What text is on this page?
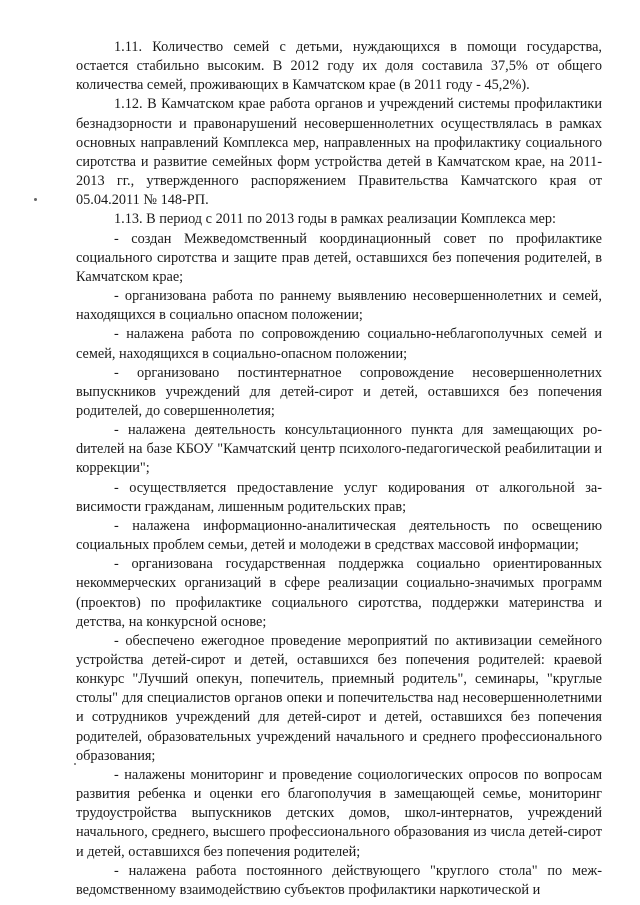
1.11. Количество семей с детьми, нуждающихся в помощи государства, остается стабильно высоким. В 2012 году их доля составила 37,5% от общего количества семей, проживающих в Камчатском крае (в 2011 году - 45,2%).

1.12. В Камчатском крае работа органов и учреждений системы профилактики безнадзорности и правонарушений несовершеннолетних осуществлялась в рамках основных направлений Комплекса мер, направленных на профилактику социального сиротства и развитие семейных форм устройства детей в Камчатском крае, на 2011-2013 гг., утвержденного распоряжением Правительства Камчатского края от 05.04.2011 № 148-РП.

1.13. В период с 2011 по 2013 годы в рамках реализации Комплекса мер:

- создан Межведомственный координационный совет по профилактике социального сиротства и защите прав детей, оставшихся без попечения родителей, в Камчатском крае;

- организована работа по раннему выявлению несовершеннолетних и семей, находящихся в социально опасном положении;

- налажена работа по сопровождению социально-неблагополучных семей и семей, находящихся в социально-опасном положении;

- организовано постинтернатное сопровождение несовершеннолетних выпускников учреждений для детей-сирот и детей, оставшихся без попечения родителей, до совершеннолетия;

- налажена деятельность консультационного пункта для замещающих роdителей на базе КБОУ "Камчатский центр психолого-педагогической реабилитации и коррекции";

- осуществляется предоставление услуг кодирования от алкогольной зависимости гражданам, лишенным родительских прав;

- налажена информационно-аналитическая деятельность по освещению социальных проблем семьи, детей и молодежи в средствах массовой информации;

- организована государственная поддержка социально ориентированных некоммерческих организаций в сфере реализации социально-значимых программ (проектов) по профилактике социального сиротства, поддержки материнства и детства, на конкурсной основе;

- обеспечено ежегодное проведение мероприятий по активизации семейного устройства детей-сирот и детей, оставшихся без попечения родителей: краевой конкурс "Лучший опекун, попечитель, приемный родитель", семинары, "круглые столы" для специалистов органов опеки и попечительства над несовершеннолетними и сотрудников учреждений для детей-сирот и детей, оставшихся без попечения родителей, образовательных учреждений начального и среднего профессионального образования;

- налажены мониторинг и проведение социологических опросов по вопросам развития ребенка и оценки его благополучия в замещающей семье, мониторинг трудоустройства выпускников детских домов, школ-интернатов, учреждений начального, среднего, высшего профессионального образования из числа детей-сирот и детей, оставшихся без попечения родителей;

- налажена работа постоянного действующего "круглого стола" по межведомственному взаимодействию субъектов профилактики наркотической и
